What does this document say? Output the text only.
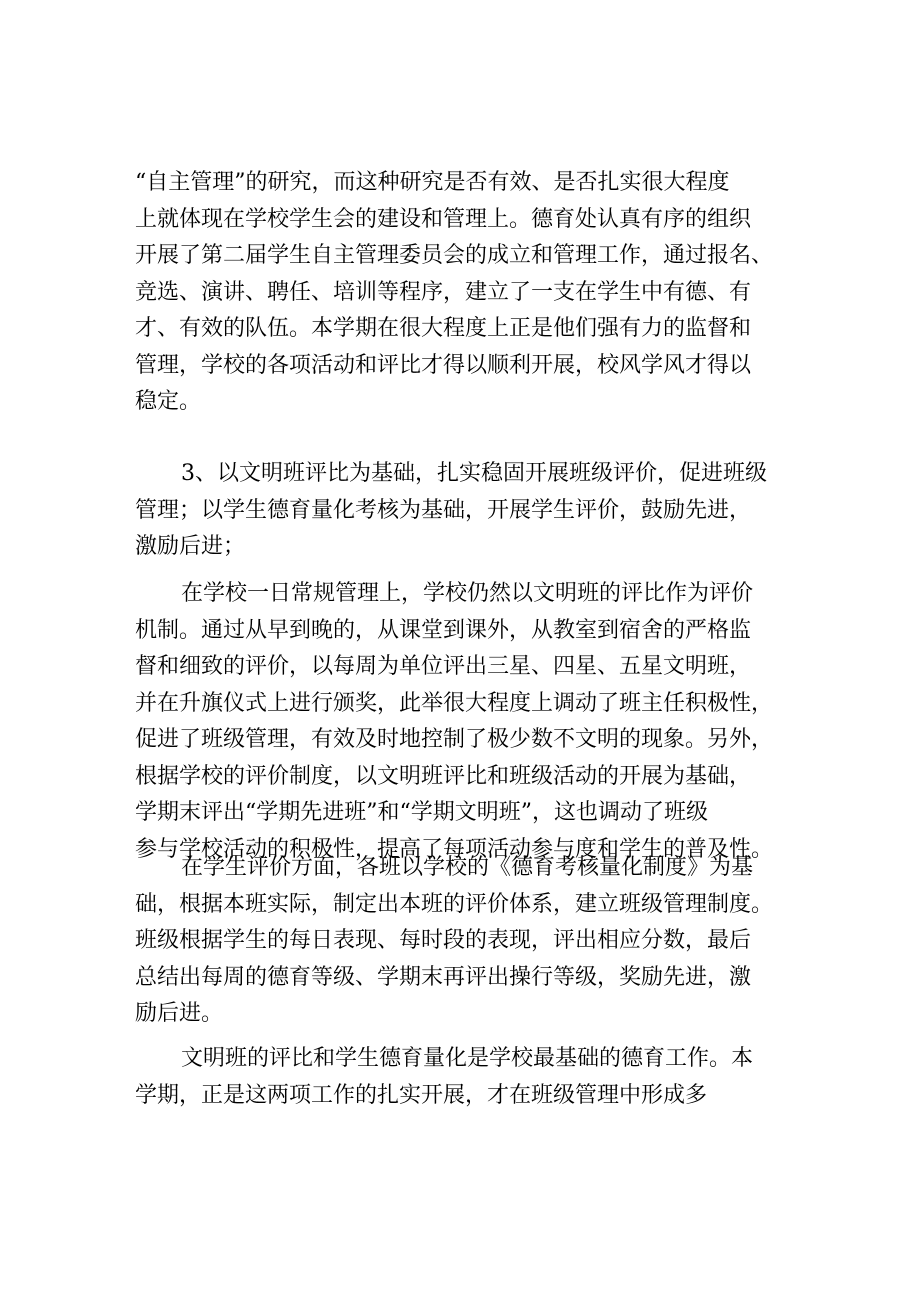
“自主管理”的研究，而这种研究是否有效、是否扎实很大程度
上就体现在学校学生会的建设和管理上。德育处认真有序的组织
开展了第二届学生自主管理委员会的成立和管理工作，通过报名、
竞选、演讲、聘任、培训等程序，建立了一支在学生中有德、有
才、有效的队伍。本学期在很大程度上正是他们强有力的监督和
管理，学校的各项活动和评比才得以顺利开展，校风学风才得以
稳定。
3、以文明班评比为基础，扎实稳固开展班级评价，促进班级
管理；以学生德育量化考核为基础，开展学生评价，鼓励先进，
激励后进；
在学校一日常规管理上，学校仍然以文明班的评比作为评价
机制。通过从早到晚的，从课堂到课外，从教室到宿舍的严格监
督和细致的评价，以每周为单位评出三星、四星、五星文明班，
并在升旗仪式上进行颁奖，此举很大程度上调动了班主任积极性，
促进了班级管理，有效及时地控制了极少数不文明的现象。另外，
根据学校的评价制度，以文明班评比和班级活动的开展为基础，
学期末评出“学期先进班”和“学期文明班”，这也调动了班级
参与学校活动的积极性，提高了每项活动参与度和学生的普及性。
在学生评价方面，各班以学校的《德育考核量化制度》为基
础，根据本班实际，制定出本班的评价体系，建立班级管理制度。
班级根据学生的每日表现、每时段的表现，评出相应分数，最后
总结出每周的德育等级、学期末再评出操行等级，奖励先进，激
励后进。
文明班的评比和学生德育量化是学校最基础的德育工作。本
学期，正是这两项工作的扎实开展，才在班级管理中形成多
